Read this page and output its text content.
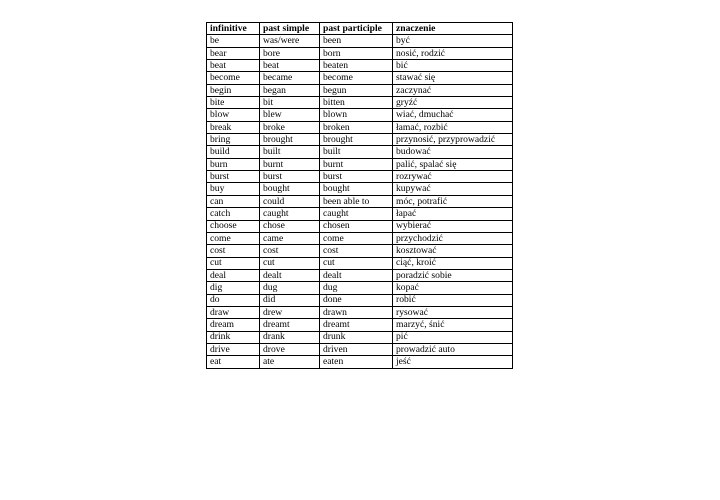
infinitive	past simple	past participle	znaczenie
be	was/were	been	być
bear	bore	born	nosić, rodzić
beat	beat	beaten	bić
become	became	become	stawać się
begin	began	begun	zaczynać
bite	bit	bitten	gryźć
blow	blew	blown	wiać, dmuchać
break	broke	broken	łamać, rozbić
bring	brought	brought	przynosić, przyprowadzić
build	built	built	budować
burn	burnt	burnt	palić, spalać się
burst	burst	burst	rozrywać
buy	bought	bought	kupywać
can	could	been able to	móc, potrafić
catch	caught	caught	łapać
choose	chose	chosen	wybierać
come	came	come	przychodzić
cost	cost	cost	kosztować
cut	cut	cut	ciąć, kroić
deal	dealt	dealt	poradzić sobie
dig	dug	dug	kopać
do	did	done	robić
draw	drew	drawn	rysować
dream	dreamt	dreamt	marzyć, śnić
drink	drank	drunk	pić
drive	drove	driven	prowadzić auto
eat	ate	eaten	jeść
